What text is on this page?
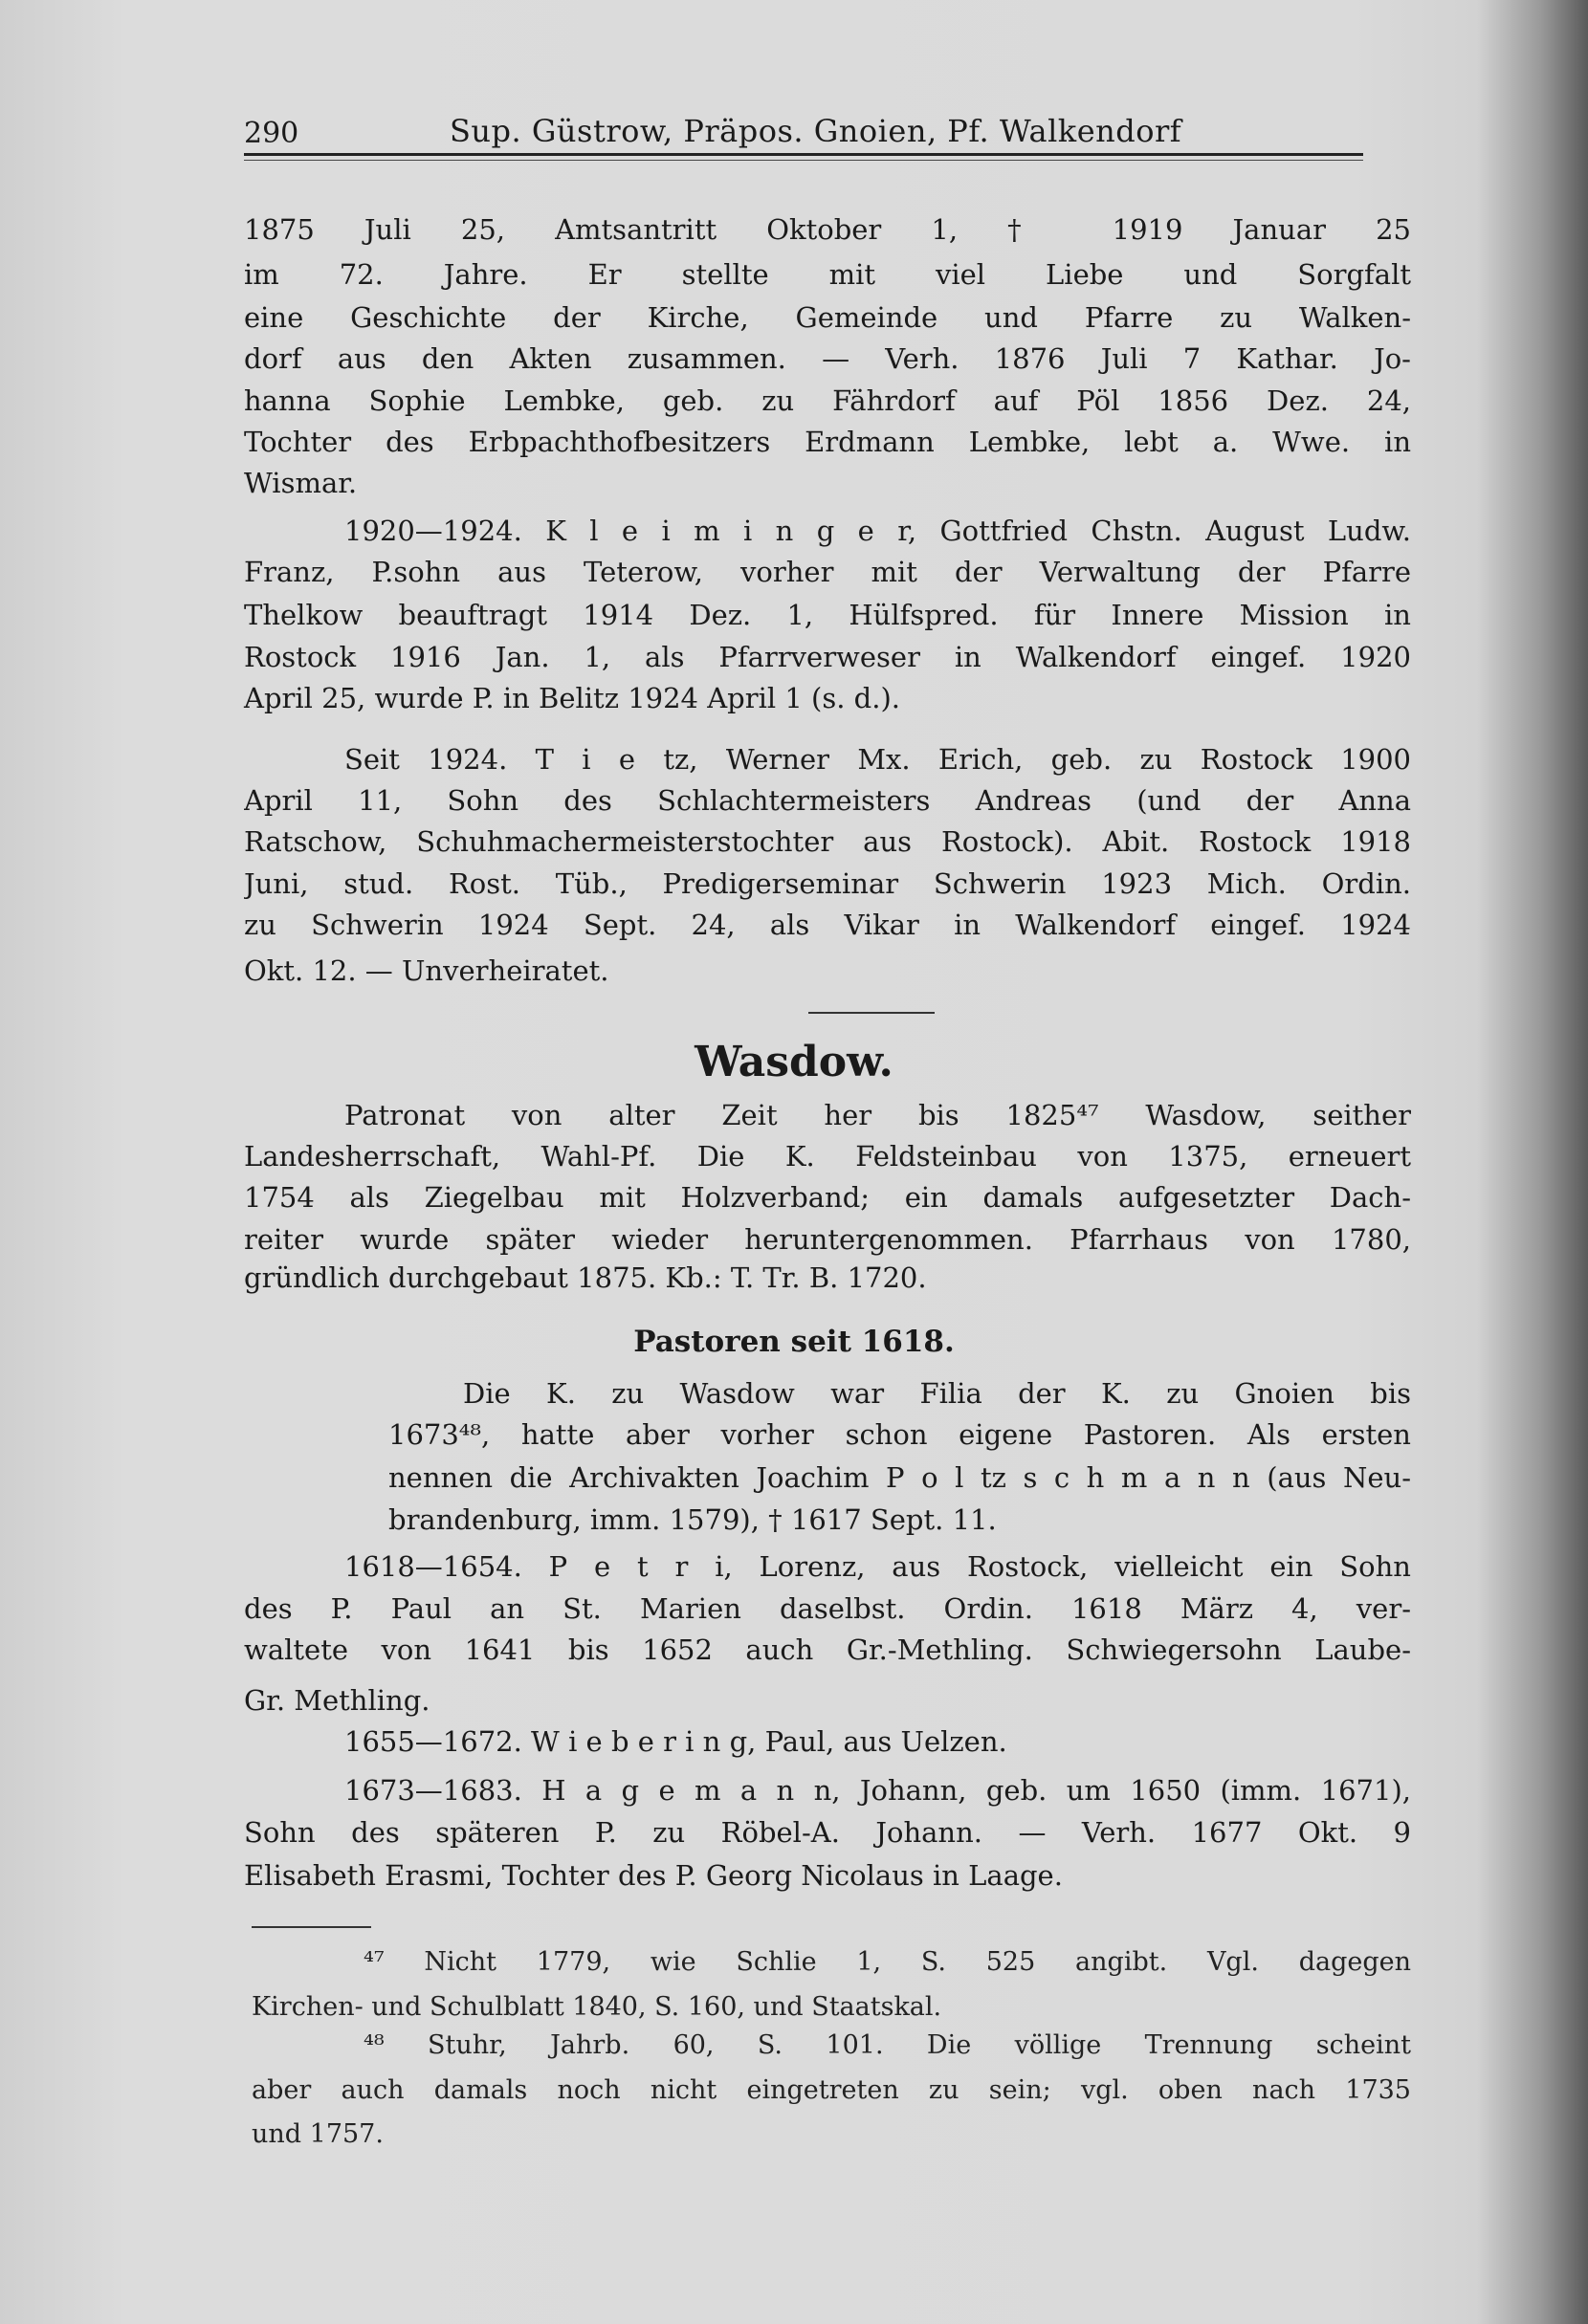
290	Sup. Güstrow, Präpos. Gnoien, Pf. Walkendorf
Wasdow.
Pastoren seit 1618.
1875 Juli 25, Amtsantritt Oktober 1, † 1919 Januar 25
im 72. Jahre. Er stellte mit viel Liebe und Sorgfalt
eine Geschichte der Kirche, Gemeinde und Pfarre zu Walken-
dorf aus den Akten zusammen. — Verh. 1876 Juli 7 Kathar. Jo-
hanna Sophie Lembke, geb. zu Fährdorf auf Pöl 1856 Dez. 24,
Tochter des Erbpachthofbesitzers Erdmann Lembke, lebt a. Wwe. in
Wismar.
1920—1924. K l e i m i n g e r, Gottfried Chstn. August Ludw.
Franz, P.sohn aus Teterow, vorher mit der Verwaltung der Pfarre
Thelkow beauftragt 1914 Dez. 1, Hülfspred. für Innere Mission in
Rostock 1916 Jan. 1, als Pfarrverweser in Walkendorf eingef. 1920
April 25, wurde P. in Belitz 1924 April 1 (s. d.).
Seit 1924. T i e tz, Werner Mx. Erich, geb. zu Rostock 1900
April 11, Sohn des Schlachtermeisters Andreas (und der Anna
Ratschow, Schuhmachermeisterstochter aus Rostock). Abit. Rostock 1918
Juni, stud. Rost. Tüb., Predigerseminar Schwerin 1923 Mich. Ordin.
zu Schwerin 1924 Sept. 24, als Vikar in Walkendorf eingef. 1924
Okt. 12. — Unverheiratet.
Patronat von alter Zeit her bis 1825⁴⁷ Wasdow, seither
Landesherrschaft, Wahl-Pf. Die K. Feldsteinbau von 1375, erneuert
1754 als Ziegelbau mit Holzverband; ein damals aufgesetzter Dach-
reiter wurde später wieder heruntergenommen. Pfarrhaus von 1780,
gründlich durchgebaut 1875. Kb.: T. Tr. B. 1720.
Die K. zu Wasdow war Filia der K. zu Gnoien bis
1673⁴⁸, hatte aber vorher schon eigene Pastoren. Als ersten
nennen die Archivakten Joachim P o l tz s c h m a n n (aus Neu-
brandenburg, imm. 1579), † 1617 Sept. 11.
1618—1654. P e t r i, Lorenz, aus Rostock, vielleicht ein Sohn
des P. Paul an St. Marien daselbst. Ordin. 1618 März 4, ver-
waltete von 1641 bis 1652 auch Gr.-Methling. Schwiegersohn Laube-
Gr. Methling.
1655—1672. W i e b e r i n g, Paul, aus Uelzen.
1673—1683. H a g e m a n n, Johann, geb. um 1650 (imm. 1671),
Sohn des späteren P. zu Röbel-A. Johann. — Verh. 1677 Okt. 9
Elisabeth Erasmi, Tochter des P. Georg Nicolaus in Laage.
⁴⁷ Nicht 1779, wie Schlie 1, S. 525 angibt. Vgl. dagegen
Kirchen- und Schulblatt 1840, S. 160, und Staatskal.
⁴⁸ Stuhr, Jahrb. 60, S. 101. Die völlige Trennung scheint
aber auch damals noch nicht eingetreten zu sein; vgl. oben nach 1735
und 1757.
